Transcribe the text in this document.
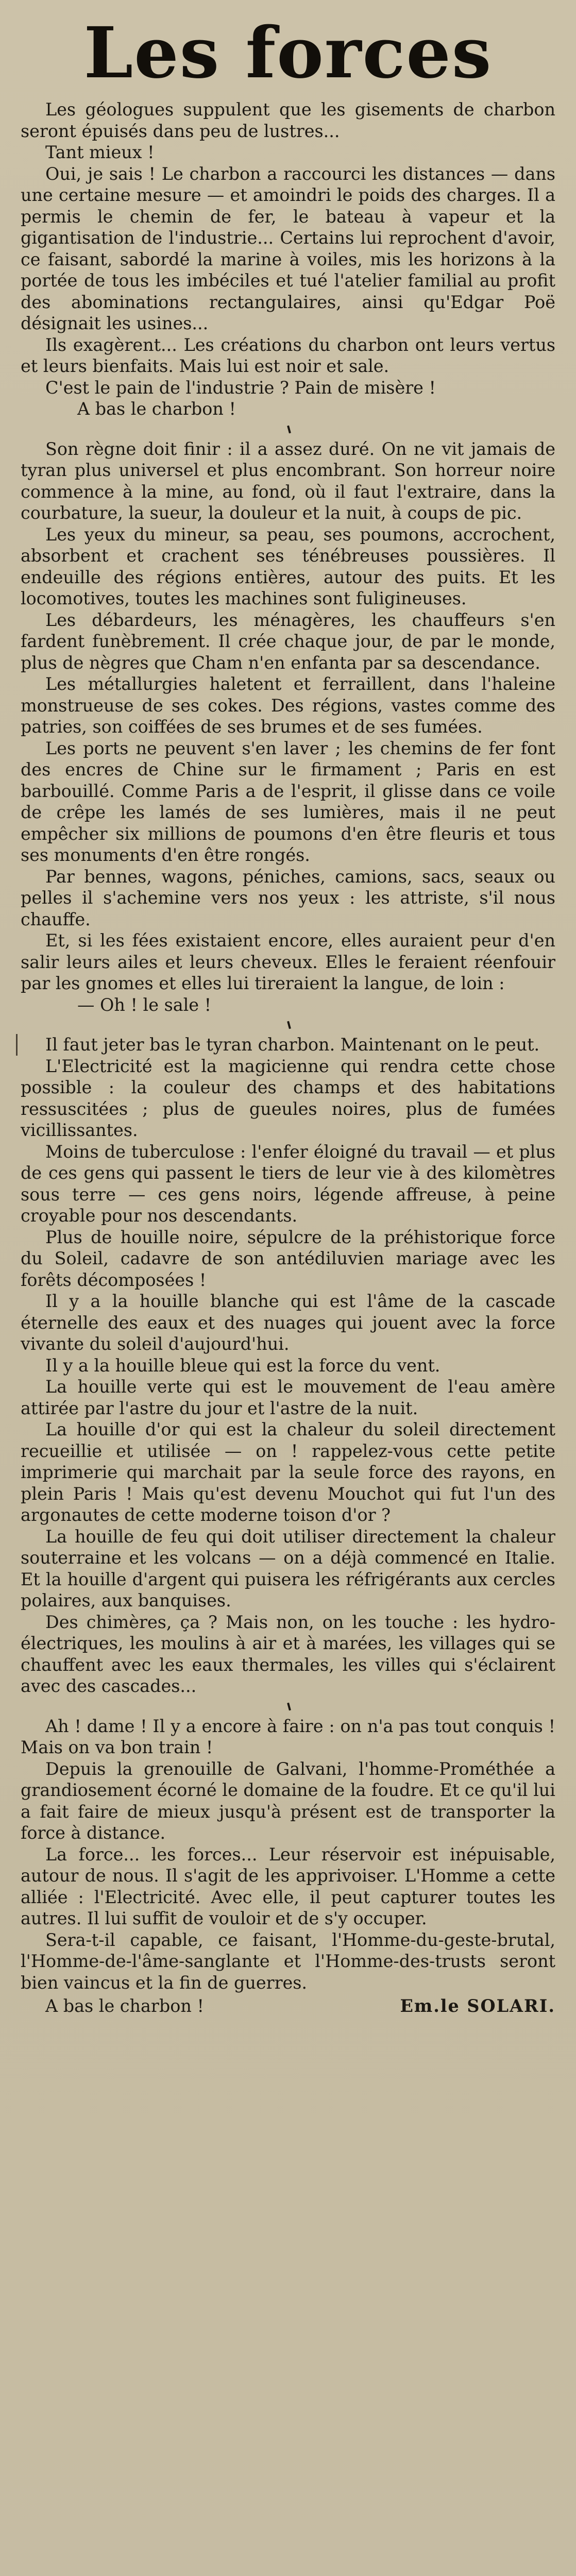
Les forces

Les géologues suppulent que les gisements de charbon seront épuisés dans peu de lustres...

Tant mieux !

Oui, je sais ! Le charbon a raccourci les distances — dans une certaine mesure — et amoindri le poids des charges. Il a permis le chemin de fer, le bateau à vapeur et la gigantisation de l'industrie... Certains lui reprochent d'avoir, ce faisant, sabordé la marine à voiles, mis les horizons à la portée de tous les imbéciles et tué l'atelier familial au profit des abominations rectangulaires, ainsi qu'Edgar Poë désignait les usines...

Ils exagèrent... Les créations du charbon ont leurs vertus et leurs bienfaits. Mais lui est noir et sale.

C'est le pain de l'industrie ? Pain de misère !

A bas le charbon !

Son règne doit finir : il a assez duré. On ne vit jamais de tyran plus universel et plus encombrant. Son horreur noire commence à la mine, au fond, où il faut l'extraire, dans la courbature, la sueur, la douleur et la nuit, à coups de pic.

Les yeux du mineur, sa peau, ses poumons, accrochent, absorbent et crachent ses ténébreuses poussières. Il endeuille des régions entières, autour des puits. Et les locomotives, toutes les machines sont fuligineuses.

Les débardeurs, les ménagères, les chauffeurs s'en fardent funèbrement. Il crée chaque jour, de par le monde, plus de nègres que Cham n'en enfanta par sa descendance.

Les métallurgies haletent et ferraillent, dans l'haleine monstrueuse de ses cokes. Des régions, vastes comme des patries, son coiffées de ses brumes et de ses fumées.

Les ports ne peuvent s'en laver ; les chemins de fer font des encres de Chine sur le firmament ; Paris en est barbouillé. Comme Paris a de l'esprit, il glisse dans ce voile de crêpe les lamés de ses lumières, mais il ne peut empêcher six millions de poumons d'en être fleuris et tous ses monuments d'en être rongés.

Par bennes, wagons, péniches, camions, sacs, seaux ou pelles il s'achemine vers nos yeux : les attriste, s'il nous chauffe.

Et, si les fées existaient encore, elles auraient peur d'en salir leurs ailes et leurs cheveux. Elles le feraient réenfouir par les gnomes et elles lui tireraient la langue, de loin :

— Oh ! le sale !

Il faut jeter bas le tyran charbon. Maintenant on le peut.

L'Electricité est la magicienne qui rendra cette chose possible : la couleur des champs et des habitations ressuscitées ; plus de gueules noires, plus de fumées vicillissantes.

Moins de tuberculose : l'enfer éloigné du travail — et plus de ces gens qui passent le tiers de leur vie à des kilomètres sous terre — ces gens noirs, légende affreuse, à peine croyable pour nos descendants.

Plus de houille noire, sépulcre de la préhistorique force du Soleil, cadavre de son antédiluvien mariage avec les forêts décomposées !

Il y a la houille blanche qui est l'âme de la cascade éternelle des eaux et des nuages qui jouent avec la force vivante du soleil d'aujourd'hui.

Il y a la houille bleue qui est la force du vent.

La houille verte qui est le mouvement de l'eau amère attirée par l'astre du jour et l'astre de la nuit.

La houille d'or qui est la chaleur du soleil directement recueillie et utilisée — on ! rappelez-vous cette petite imprimerie qui marchait par la seule force des rayons, en plein Paris ! Mais qu'est devenu Mouchot qui fut l'un des argonautes de cette moderne toison d'or ?

La houille de feu qui doit utiliser directement la chaleur souterraine et les volcans — on a déjà commencé en Italie. Et la houille d'argent qui puisera les réfrigérants aux cercles polaires, aux banquises.

Des chimères, ça ? Mais non, on les touche : les hydro-électriques, les moulins à air et à marées, les villages qui se chauffent avec les eaux thermales, les villes qui s'éclairent avec des cascades...

Ah ! dame ! Il y a encore à faire : on n'a pas tout conquis ! Mais on va bon train !

Depuis la grenouille de Galvani, l'homme-Prométhée a grandiosement écorné le domaine de la foudre. Et ce qu'il lui a fait faire de mieux jusqu'à présent est de transporter la force à distance.

La force... les forces... Leur réservoir est inépuisable, autour de nous. Il s'agit de les apprivoiser. L'Homme a cette alliée : l'Electricité. Avec elle, il peut capturer toutes les autres. Il lui suffit de vouloir et de s'y occuper.

Sera-t-il capable, ce faisant, l'Homme-du-geste-brutal, l'Homme-de-l'âme-sanglante et l'Homme-des-trusts seront bien vaincus et la fin de guerres.

A bas le charbon !	Em.le SOLARI.
